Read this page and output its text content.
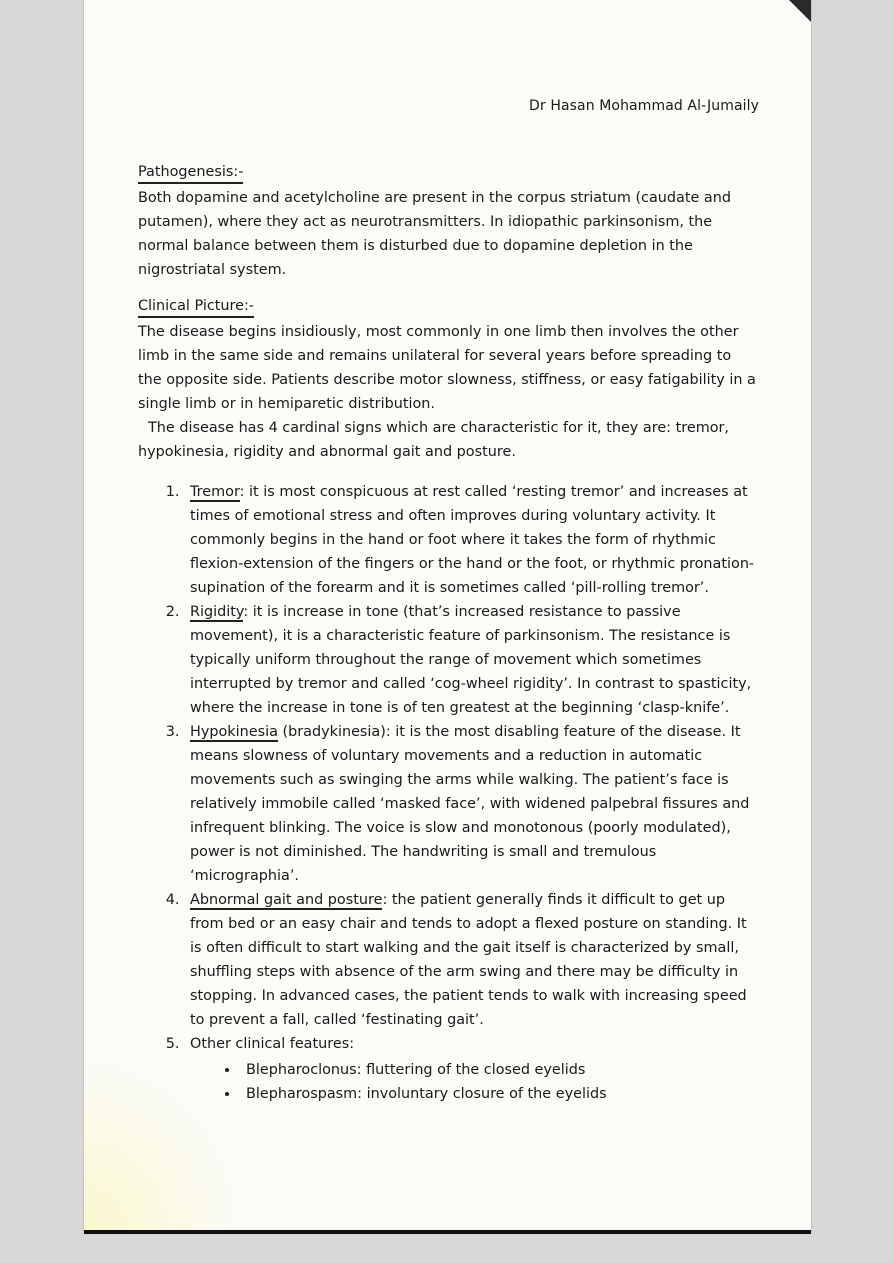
Dr Hasan Mohammad Al-Jumaily
Pathogenesis:-

Both dopamine and acetylcholine are present in the corpus striatum (caudate and putamen), where they act as neurotransmitters. In idiopathic parkinsonism, the normal balance between them is disturbed due to dopamine depletion in the nigrostriatal system.

Clinical Picture:-

The disease begins insidiously, most commonly in one limb then involves the other limb in the same side and remains unilateral for several years before spreading to the opposite side. Patients describe motor slowness, stiffness, or easy fatigability in a single limb or in hemiparetic distribution.

The disease has 4 cardinal signs which are characteristic for it, they are: tremor, hypokinesia, rigidity and abnormal gait and posture.

1. Tremor: it is most conspicuous at rest called ‘resting tremor’ and increases at times of emotional stress and often improves during voluntary activity. It commonly begins in the hand or foot where it takes the form of rhythmic flexion-extension of the fingers or the hand or the foot, or rhythmic pronation-supination of the forearm and it is sometimes called ‘pill-rolling tremor’.
2. Rigidity: it is increase in tone (that’s increased resistance to passive movement), it is a characteristic feature of parkinsonism. The resistance is typically uniform throughout the range of movement which sometimes interrupted by tremor and called ‘cog-wheel rigidity’. In contrast to spasticity, where the increase in tone is of ten greatest at the beginning ‘clasp-knife’.
3. Hypokinesia (bradykinesia): it is the most disabling feature of the disease. It means slowness of voluntary movements and a reduction in automatic movements such as swinging the arms while walking. The patient’s face is relatively immobile called ‘masked face’, with widened palpebral fissures and infrequent blinking. The voice is slow and monotonous (poorly modulated), power is not diminished. The handwriting is small and tremulous ‘micrographia’.
4. Abnormal gait and posture: the patient generally finds it difficult to get up from bed or an easy chair and tends to adopt a flexed posture on standing. It is often difficult to start walking and the gait itself is characterized by small, shuffling steps with absence of the arm swing and there may be difficulty in stopping. In advanced cases, the patient tends to walk with increasing speed to prevent a fall, called ‘festinating gait’.
5. Other clinical features:
• Blepharoclonus: fluttering of the closed eyelids
• Blepharospasm: involuntary closure of the eyelids
